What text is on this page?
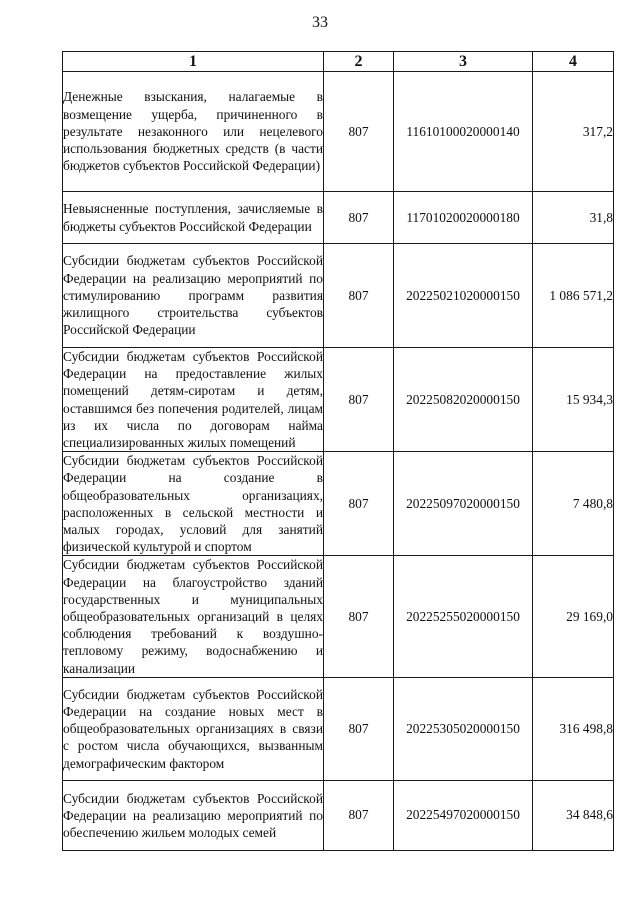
33
1	2	3	4
Денежные взыскания, налагаемые в возмещение ущерба, причиненного в результате незаконного или нецелевого использования бюджетных средств (в части бюджетов субъектов Российской Федерации)	807	11610100020000140	317,2
Невыясненные поступления, зачисляемые в бюджеты субъектов Российской Федерации	807	11701020020000180	31,8
Субсидии бюджетам субъектов Российской Федерации на реализацию мероприятий по стимулированию программ развития жилищного строительства субъектов Российской Федерации	807	20225021020000150	1 086 571,2
Субсидии бюджетам субъектов Российской Федерации на предоставление жилых помещений детям-сиротам и детям, оставшимся без попечения родителей, лицам из их числа по договорам найма специализированных жилых помещений	807	20225082020000150	15 934,3
Субсидии бюджетам субъектов Российской Федерации на создание в общеобразовательных организациях, расположенных в сельской местности и малых городах, условий для занятий физической культурой и спортом	807	20225097020000150	7 480,8
Субсидии бюджетам субъектов Российской Федерации на благоустройство зданий государственных и муниципальных общеобразовательных организаций в целях соблюдения требований к воздушно-тепловому режиму, водоснабжению и канализации	807	20225255020000150	29 169,0
Субсидии бюджетам субъектов Российской Федерации на создание новых мест в общеобразовательных организациях в связи с ростом числа обучающихся, вызванным демографическим фактором	807	20225305020000150	316 498,8
Субсидии бюджетам субъектов Российской Федерации на реализацию мероприятий по обеспечению жильем молодых семей	807	20225497020000150	34 848,6
